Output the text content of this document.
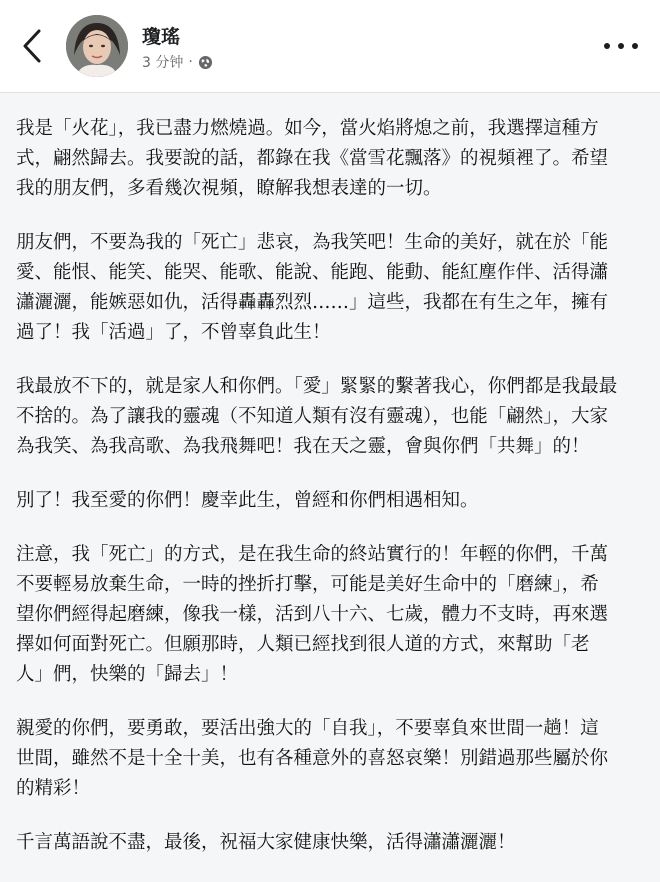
瓊瑤
3 分钟 ·

我是「火花」，我已盡力燃燒過。如今，當火焰將熄之前，我選擇這種方
式，翩然歸去。我要說的話，都錄在我《當雪花飄落》的視頻裡了。希望
我的朋友們，多看幾次視頻，瞭解我想表達的一切。

朋友們，不要為我的「死亡」悲哀，為我笑吧！生命的美好，就在於「能
愛、能恨、能笑、能哭、能歌、能說、能跑、能動、能紅塵作伴、活得瀟
瀟灑灑，能嫉惡如仇，活得轟轟烈烈……」這些，我都在有生之年，擁有
過了！我「活過」了，不曾辜負此生！

我最放不下的，就是家人和你們。「愛」緊緊的繫著我心，你們都是我最最
不捨的。為了讓我的靈魂（不知道人類有沒有靈魂），也能「翩然」，大家
為我笑、為我高歌、為我飛舞吧！我在天之靈，會與你們「共舞」的！

別了！我至愛的你們！慶幸此生，曾經和你們相遇相知。

注意，我「死亡」的方式，是在我生命的終站實行的！年輕的你們，千萬
不要輕易放棄生命，一時的挫折打擊，可能是美好生命中的「磨練」，希
望你們經得起磨練，像我一樣，活到八十六、七歲，體力不支時，再來選
擇如何面對死亡。但願那時，人類已經找到很人道的方式，來幫助「老
人」們，快樂的「歸去」！

親愛的你們，要勇敢，要活出強大的「自我」，不要辜負來世間一趟！這
世間，雖然不是十全十美，也有各種意外的喜怒哀樂！別錯過那些屬於你
的精彩！

千言萬語說不盡，最後，祝福大家健康快樂，活得瀟瀟灑灑！
